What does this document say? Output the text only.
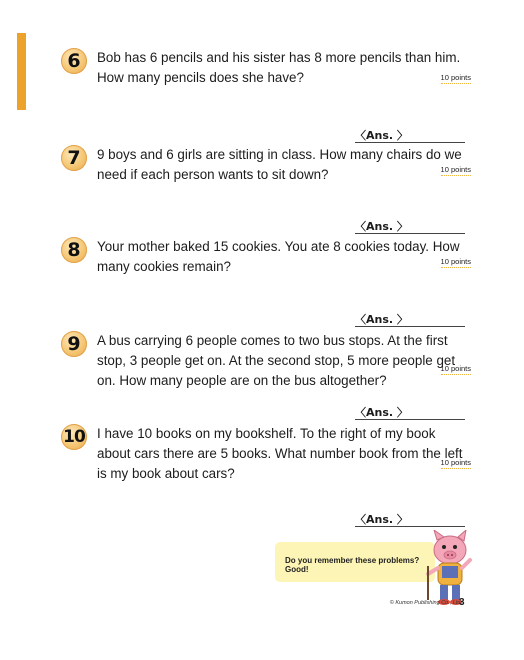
6	Bob has 6 pencils and his sister has 8 more pencils than him. How many pencils does she have?	10 points
〈Ans. 〉
7	9 boys and 6 girls are sitting in class. How many chairs do we need if each person wants to sit down?	10 points
〈Ans. 〉
8	Your mother baked 15 cookies. You ate 8 cookies today. How many cookies remain?	10 points
〈Ans. 〉
9	A bus carrying 6 people comes to two bus stops. At the first stop, 3 people get on. At the second stop, 5 more people get on. How many people are on the bus altogether?

10 points
〈Ans. 〉
10 I have 10 books on my bookshelf. To the right of my book about cars there are 5 books. What number book from the left is my book about cars?

10 points
〈Ans. 〉
Do you remember these problems? Good!
© Kumon Publishing Co., Ltd.
3
